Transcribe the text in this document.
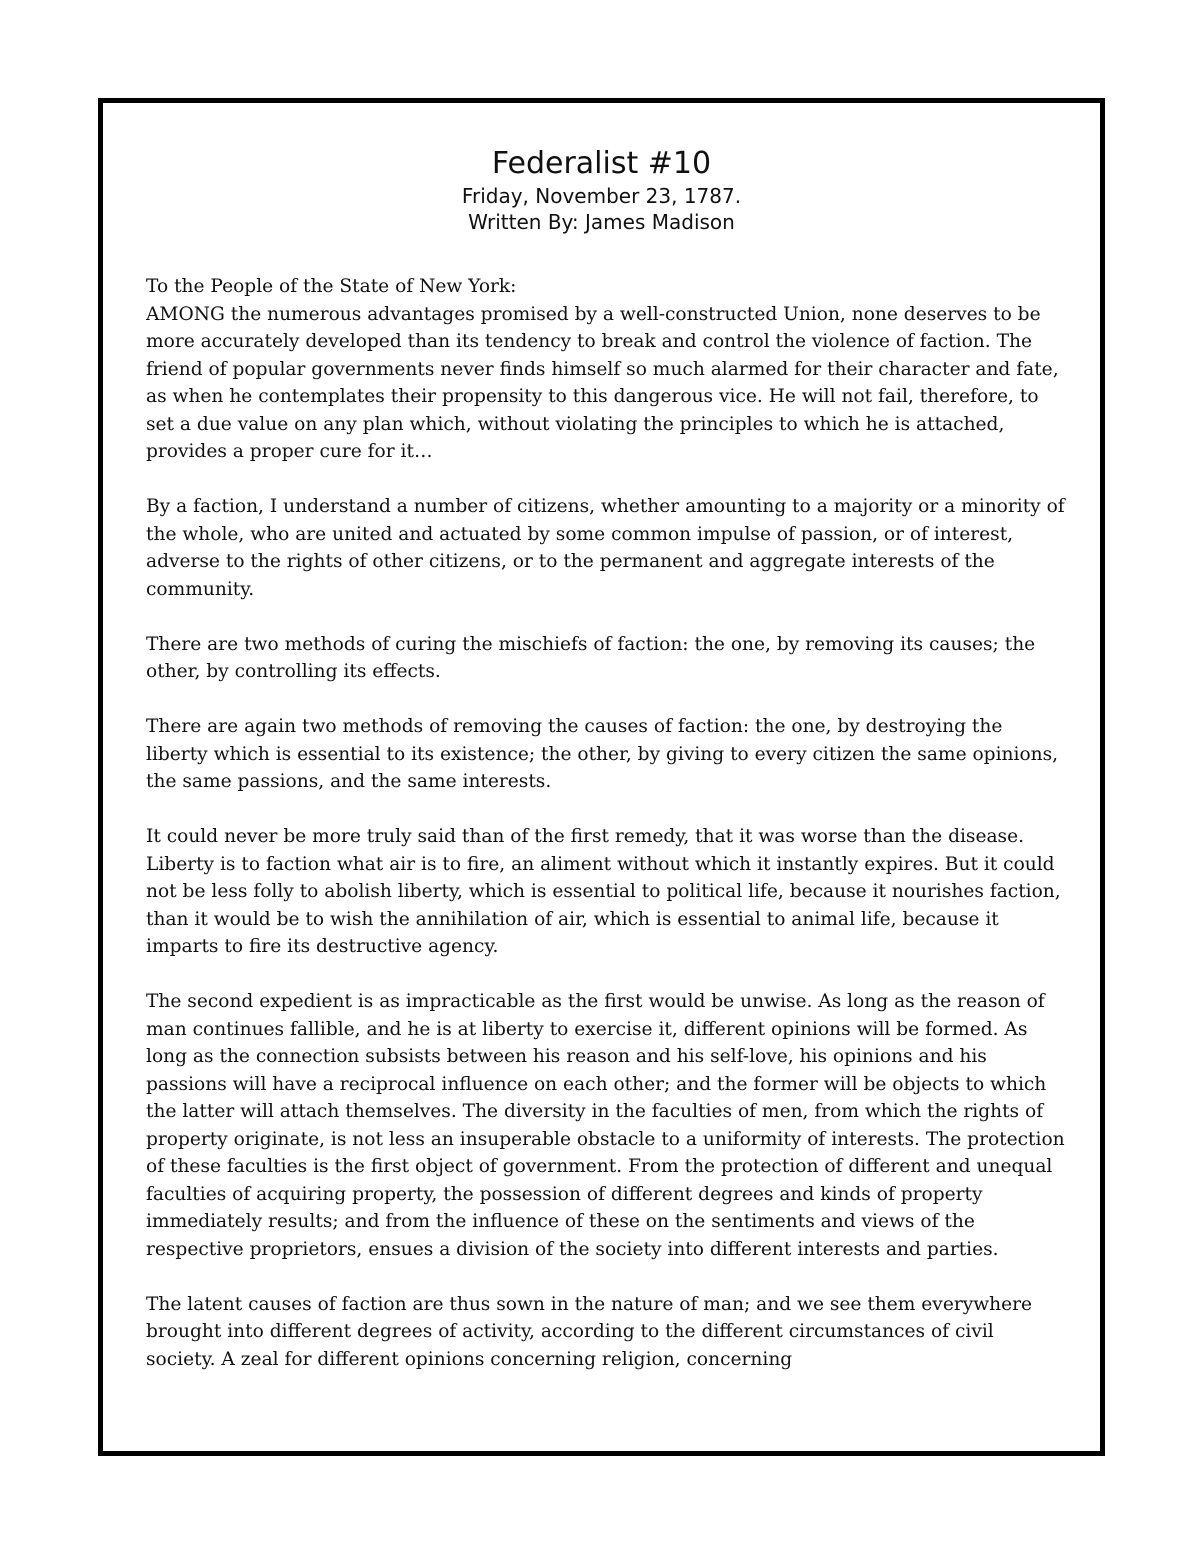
Federalist #10
Friday, November 23, 1787.
Written By: James Madison
To the People of the State of New York:

AMONG the numerous advantages promised by a well-constructed Union, none deserves to be more accurately developed than its tendency to break and control the violence of faction. The friend of popular governments never finds himself so much alarmed for their character and fate, as when he contemplates their propensity to this dangerous vice. He will not fail, therefore, to set a due value on any plan which, without violating the principles to which he is attached, provides a proper cure for it…

By a faction, I understand a number of citizens, whether amounting to a majority or a minority of the whole, who are united and actuated by some common impulse of passion, or of interest, adverse to the rights of other citizens, or to the permanent and aggregate interests of the community.

There are two methods of curing the mischiefs of faction: the one, by removing its causes; the other, by controlling its effects.

There are again two methods of removing the causes of faction: the one, by destroying the liberty which is essential to its existence; the other, by giving to every citizen the same opinions, the same passions, and the same interests.

It could never be more truly said than of the first remedy, that it was worse than the disease. Liberty is to faction what air is to fire, an aliment without which it instantly expires. But it could not be less folly to abolish liberty, which is essential to political life, because it nourishes faction, than it would be to wish the annihilation of air, which is essential to animal life, because it imparts to fire its destructive agency.

The second expedient is as impracticable as the first would be unwise. As long as the reason of man continues fallible, and he is at liberty to exercise it, different opinions will be formed. As long as the connection subsists between his reason and his self-love, his opinions and his passions will have a reciprocal influence on each other; and the former will be objects to which the latter will attach themselves. The diversity in the faculties of men, from which the rights of property originate, is not less an insuperable obstacle to a uniformity of interests. The protection of these faculties is the first object of government. From the protection of different and unequal faculties of acquiring property, the possession of different degrees and kinds of property immediately results; and from the influence of these on the sentiments and views of the respective proprietors, ensues a division of the society into different interests and parties.

The latent causes of faction are thus sown in the nature of man; and we see them everywhere brought into different degrees of activity, according to the different circumstances of civil society. A zeal for different opinions concerning religion, concerning
